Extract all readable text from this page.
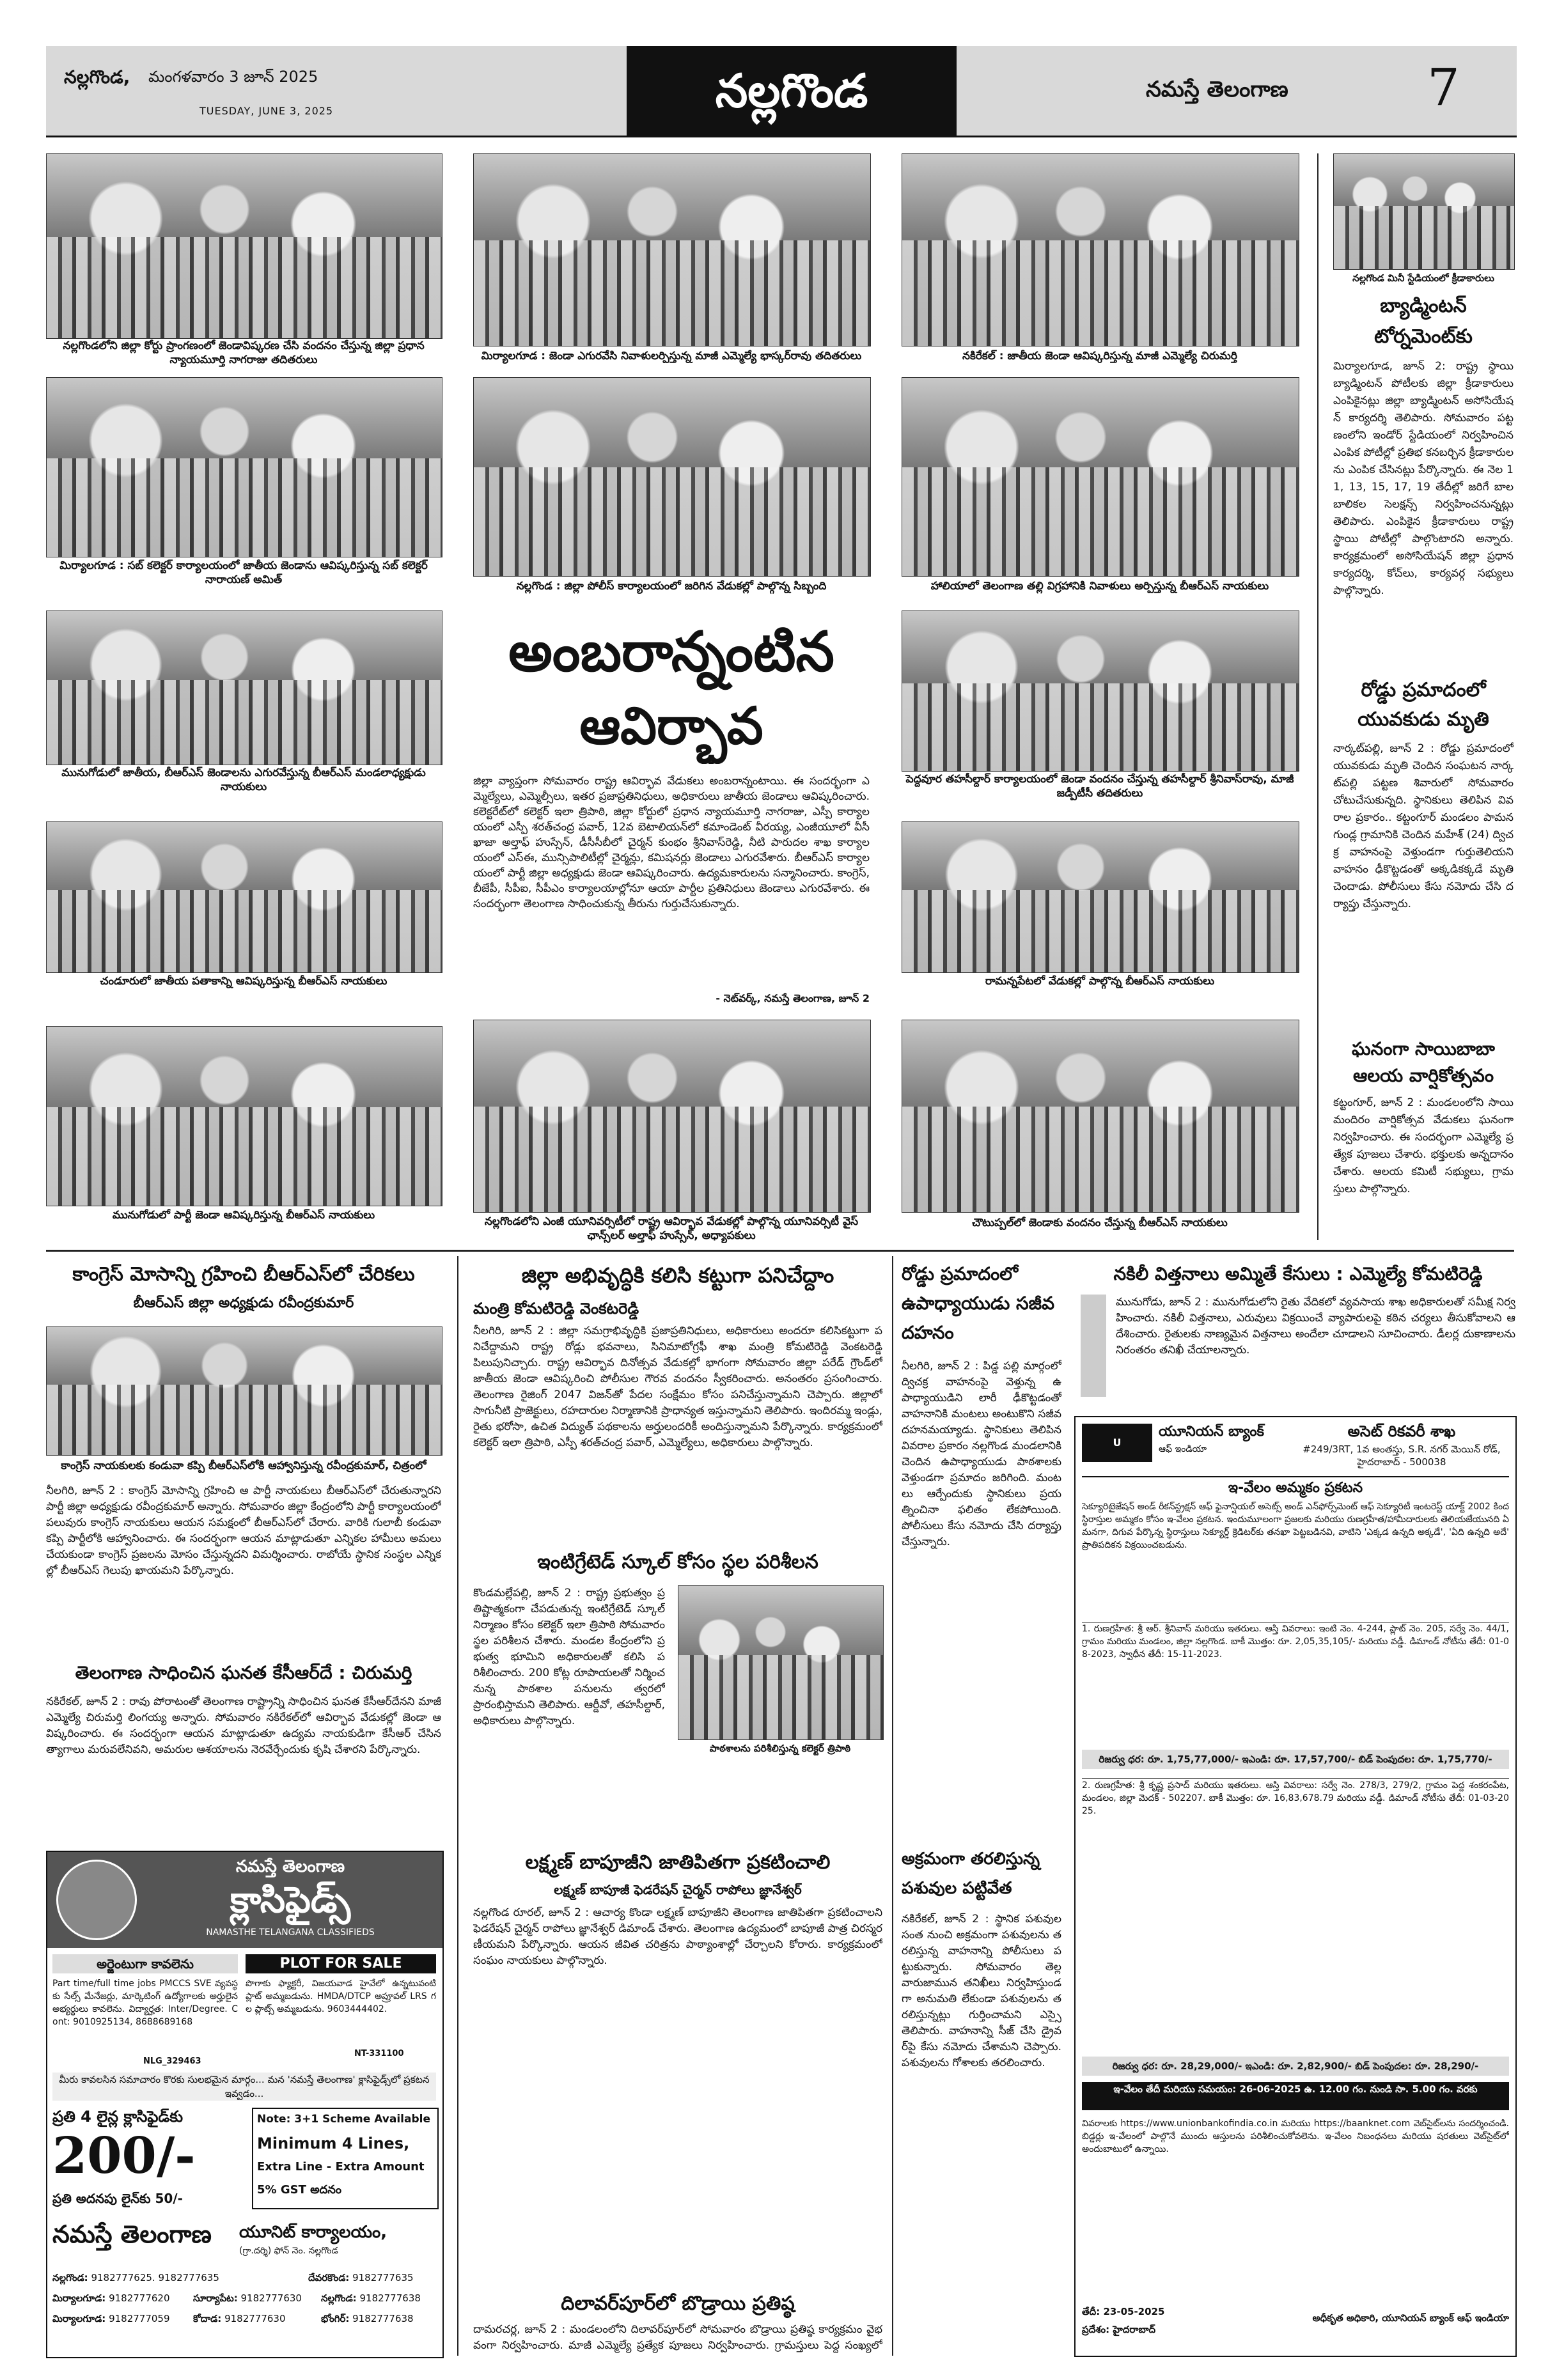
నల్లగొండ, మంగళవారం 3 జూన్ 2025
TUESDAY, JUNE 3, 2025	నల్లగొండ	నమస్తే తెలంగాణ	7
నల్లగొండలోని జిల్లా కోర్టు ప్రాంగణంలో జెండావిష్కరణ చేసి వందనం చేస్తున్న జిల్లా ప్రధాన న్యాయమూర్తి నాగరాజు తదితరులు	మిర్యాలగూడ : జెండా ఎగురవేసి నివాళులర్పిస్తున్న మాజీ ఎమ్మెల్యే భాస్కర్‌రావు తదితరులు	నకిరేకల్ : జాతీయ జెండా ఆవిష్కరిస్తున్న మాజీ ఎమ్మెల్యే చిరుమర్తి
నల్లగొండ మినీ స్టేడియంలో క్రీడాకారులు
మిర్యాలగూడ : సబ్ కలెక్టర్ కార్యాలయంలో జాతీయ జెండాను ఆవిష్కరిస్తున్న సబ్ కలెక్టర్ నారాయణ్ అమిత్	నల్లగొండ : జిల్లా పోలీస్ కార్యాలయంలో జరిగిన వేడుకల్లో పాల్గొన్న సిబ్బంది	హాలియాలో తెలంగాణ తల్లి విగ్రహానికి నివాళులు అర్పిస్తున్న బీఆర్ఎస్ నాయకులు
మునుగోడులో జాతీయ, బీఆర్ఎస్ జెండాలను ఎగురవేస్తున్న బీఆర్ఎస్ మండలాధ్యక్షుడు నాయకులు
పెద్దవూర తహసీల్దార్ కార్యాలయంలో జెండా వందనం చేస్తున్న తహసీల్దార్ శ్రీనివాస్‌రావు, మాజీ జడ్పీటీసీ తదితరులు
చండూరులో జాతీయ పతాకాన్ని ఆవిష్కరిస్తున్న బీఆర్ఎస్ నాయకులు	రామన్నపేటలో వేడుకల్లో పాల్గొన్న బీఆర్ఎస్ నాయకులు
మునుగోడులో పార్టీ జెండా ఆవిష్కరిస్తున్న బీఆర్ఎస్ నాయకులు	నల్లగొండలోని ఎంజీ యూనివర్సిటీలో రాష్ట్ర ఆవిర్భావ వేడుకల్లో పాల్గొన్న యూనివర్సిటీ వైస్ ఛాన్స్‌లర్ అల్తాఫ్ హుస్సేన్, అధ్యాపకులు
చౌటుప్పల్‌లో జెండాకు వందనం చేస్తున్న బీఆర్ఎస్ నాయకులు
అంబరాన్నంటిన
ఆవిర్భావ
జిల్లా వ్యాప్తంగా సోమవారం రాష్ట్ర ఆవిర్భావ వేడుకలు అంబరాన్నంటాయి. ఈ సందర్భంగా ఎమ్మెల్యేలు, ఎమ్మెల్సీలు, ఇతర ప్రజాప్రతినిధులు, అధికారులు జాతీయ జెండాలు ఆవిష్కరించారు. కలెక్టరేట్‌లో కలెక్టర్ ఇలా త్రిపాఠి, జిల్లా కోర్టులో ప్రధాన న్యాయమూర్తి నాగరాజు, ఎస్పీ కార్యాలయంలో ఎస్పీ శరత్‌చంద్ర పవార్, 12వ బెటాలియన్‌లో కమాండెంట్ వీరయ్య, ఎంజీయూలో వీసీ ఖాజా అల్తాఫ్ హుస్సేన్, డీసీసీబీలో చైర్మన్ కుంభం శ్రీనివాస్‌రెడ్డి, నీటి పారుదల శాఖ కార్యాలయంలో ఎస్‌ఈ, మున్సిపాలిటీల్లో చైర్మన్లు, కమిషనర్లు జెండాలు ఎగురవేశారు. బీఆర్ఎస్ కార్యాలయంలో పార్టీ జిల్లా అధ్యక్షుడు జెండా ఆవిష్కరించారు. ఉద్యమకారులను సన్మానించారు. కాంగ్రెస్, బీజేపీ, సీపీఐ, సీపీఎం కార్యాలయాల్లోనూ ఆయా పార్టీల ప్రతినిధులు జెండాలు ఎగురవేశారు. ఈ సందర్భంగా తెలంగాణ సాధించుకున్న తీరును గుర్తుచేసుకున్నారు.
- నెట్‌వర్క్, నమస్తే తెలంగాణ, జూన్ 2
బ్యాడ్మింటన్ టోర్నమెంట్‌కు
మిర్యాలగూడ, జూన్ 2: రాష్ట్ర స్థాయి బ్యాడ్మింటన్ పోటీలకు జిల్లా క్రీడాకారులు ఎంపికైనట్లు జిల్లా బ్యాడ్మింటన్ అసోసియేషన్ కార్యదర్శి తెలిపారు. సోమవారం పట్టణంలోని ఇండోర్ స్టేడియంలో నిర్వహించిన ఎంపిక పోటీల్లో ప్రతిభ కనబర్చిన క్రీడాకారులను ఎంపిక చేసినట్లు పేర్కొన్నారు. ఈ నెల 11, 13, 15, 17, 19 తేదీల్లో జరిగే బాలబాలికల సెలక్షన్స్ నిర్వహించనున్నట్లు తెలిపారు. ఎంపికైన క్రీడాకారులు రాష్ట్ర స్థాయి పోటీల్లో పాల్గొంటారని అన్నారు. కార్యక్రమంలో అసోసియేషన్ జిల్లా ప్రధాన కార్యదర్శి, కోచ్‌లు, కార్యవర్గ సభ్యులు పాల్గొన్నారు.
రోడ్డు ప్రమాదంలో
యువకుడు మృతి
నార్కట్‌పల్లి, జూన్ 2 : రోడ్డు ప్రమాదంలో యువకుడు మృతి చెందిన సంఘటన నార్కట్‌పల్లి పట్టణ శివారులో సోమవారం చోటుచేసుకున్నది. స్థానికులు తెలిపిన వివరాల ప్రకారం.. కట్టంగూర్ మండలం పామనగుండ్ల గ్రామానికి చెందిన మహేశ్ (24) ద్విచక్ర వాహనంపై వెళ్తుండగా గుర్తుతెలియని వాహనం ఢీకొట్టడంతో అక్కడికక్కడే మృతి చెందాడు. పోలీసులు కేసు నమోదు చేసి దర్యాప్తు చేస్తున్నారు.
ఘనంగా సాయిబాబా
ఆలయ వార్షికోత్సవం
కట్టంగూర్, జూన్ 2 : మండలంలోని సాయి మందిరం వార్షికోత్సవ వేడుకలు ఘనంగా నిర్వహించారు. ఈ సందర్భంగా ఎమ్మెల్యే ప్రత్యేక పూజలు చేశారు. భక్తులకు అన్నదానం చేశారు. ఆలయ కమిటీ సభ్యులు, గ్రామస్తులు పాల్గొన్నారు.
కాంగ్రెస్ మోసాన్ని గ్రహించి బీఆర్ఎస్‌లో చేరికలు
బీఆర్ఎస్ జిల్లా అధ్యక్షుడు రవీంద్రకుమార్
కాంగ్రెస్ నాయకులకు కండువా కప్పి బీఆర్ఎస్‌లోకి ఆహ్వానిస్తున్న రవీంద్రకుమార్, చిత్రంలో
నీలగిరి, జూన్ 2 : కాంగ్రెస్ మోసాన్ని గ్రహించి ఆ పార్టీ నాయకులు బీఆర్ఎస్‌లో చేరుతున్నారని పార్టీ జిల్లా అధ్యక్షుడు రవీంద్రకుమార్ అన్నారు. సోమవారం జిల్లా కేంద్రంలోని పార్టీ కార్యాలయంలో పలువురు కాంగ్రెస్ నాయకులు ఆయన సమక్షంలో బీఆర్ఎస్‌లో చేరారు. వారికి గులాబీ కండువా కప్పి పార్టీలోకి ఆహ్వానించారు. ఈ సందర్భంగా ఆయన మాట్లాడుతూ ఎన్నికల హామీలు అమలు చేయకుండా కాంగ్రెస్ ప్రజలను మోసం చేస్తున్నదని విమర్శించారు. రాబోయే స్థానిక సంస్థల ఎన్నికల్లో బీఆర్ఎస్ గెలుపు ఖాయమని పేర్కొన్నారు.
తెలంగాణ సాధించిన ఘనత కేసీఆర్‌దే : చిరుమర్తి
నకిరేకల్, జూన్ 2 : రావు పోరాటంతో తెలంగాణ రాష్ట్రాన్ని సాధించిన ఘనత కేసీఆర్‌దేనని మాజీ ఎమ్మెల్యే చిరుమర్తి లింగయ్య అన్నారు. సోమవారం నకిరేకల్‌లో ఆవిర్భావ వేడుకల్లో జెండా ఆవిష్కరించారు. ఈ సందర్భంగా ఆయన మాట్లాడుతూ ఉద్యమ నాయకుడిగా కేసీఆర్ చేసిన త్యాగాలు మరువలేనివని, అమరుల ఆశయాలను నెరవేర్చేందుకు కృషి చేశారని పేర్కొన్నారు.
నమస్తే తెలంగాణ
క్లాసిఫైడ్స్
NAMASTHE TELANGANA CLASSIFIEDS
అర్జెంటుగా కావలెను
Part time/full time jobs PMCCS SVE వ్యవస్థకు సేల్స్ మేనేజర్లు, మార్కెటింగ్ ఉద్యోగాలకు అర్హులైన అభ్యర్థులు కావలెను. విద్యార్హత: Inter/Degree. Cont: 9010925134, 8688689168
NLG_329463
PLOT FOR SALE
పొగాకు ఫ్యాక్టరీ, విజయవాడ హైవేలో ఉన్నటువంటి ప్లాట్ అమ్మబడును. HMDA/DTCP అప్రూవల్ LRS గల ప్లాట్స్ అమ్మబడును. 9603444402.
NT-331100
మీరు కావలసిన సమాచారం కొరకు సులభమైన మార్గం... మన 'నమస్తే తెలంగాణ' క్లాసిఫైడ్స్‌లో ప్రకటన ఇవ్వడం...
ప్రతి 4 లైన్ల క్లాసిఫైడ్‌కు
200/-
ప్రతి అదనపు లైన్‌కు 50/-
Note: 3+1 Scheme Available
Minimum 4 Lines,
Extra Line - Extra Amount
5% GST అదనం
నమస్తే తెలంగాణ	యూనిట్ కార్యాలయం,
(గ్రా.దర్శి) ఫోన్ నెం. నల్లగొండ
నల్లగొండ: 9182777625. 9182777635	దేవరకొండ: 9182777635
మిర్యాలగూడ: 9182777620 సూర్యాపేట: 9182777630 నల్లగొండ: 9182777638
మిర్యాలగూడ: 9182777059 కోదాడ: 9182777630	భోంగిర్: 9182777638
జిల్లా అభివృద్ధికి కలిసి కట్టుగా పనిచేద్దాం
మంత్రి కోమటిరెడ్డి వెంకటరెడ్డి
నీలగిరి, జూన్ 2 : జిల్లా సమగ్రాభివృద్ధికి ప్రజాప్రతినిధులు, అధికారులు అందరూ కలిసికట్టుగా పనిచేద్దామని రాష్ట్ర రోడ్లు భవనాలు, సినిమాటోగ్రఫీ శాఖ మంత్రి కోమటిరెడ్డి వెంకటరెడ్డి పిలుపునిచ్చారు. రాష్ట్ర ఆవిర్భావ దినోత్సవ వేడుకల్లో భాగంగా సోమవారం జిల్లా పరేడ్ గ్రౌండ్‌లో జాతీయ జెండా ఆవిష్కరించి పోలీసుల గౌరవ వందనం స్వీకరించారు. అనంతరం ప్రసంగించారు. తెలంగాణ రైజింగ్ 2047 విజన్‌తో పేదల సంక్షేమం కోసం పనిచేస్తున్నామని చెప్పారు. జిల్లాలో సాగునీటి ప్రాజెక్టులు, రహదారుల నిర్మాణానికి ప్రాధాన్యత ఇస్తున్నామని తెలిపారు. ఇందిరమ్మ ఇండ్లు, రైతు భరోసా, ఉచిత విద్యుత్ పథకాలను అర్హులందరికీ అందిస్తున్నామని పేర్కొన్నారు. కార్యక్రమంలో కలెక్టర్ ఇలా త్రిపాఠి, ఎస్పీ శరత్‌చంద్ర పవార్, ఎమ్మెల్యేలు, అధికారులు పాల్గొన్నారు.
ఇంటిగ్రేటెడ్ స్కూల్ కోసం స్థల పరిశీలన
కొండమల్లేపల్లి, జూన్ 2 : రాష్ట్ర ప్రభుత్వం ప్రతిష్టాత్మకంగా చేపడుతున్న ఇంటిగ్రేటెడ్ స్కూల్ నిర్మాణం కోసం కలెక్టర్ ఇలా త్రిపాఠి సోమవారం స్థల పరిశీలన చేశారు. మండల కేంద్రంలోని ప్రభుత్వ భూమిని అధికారులతో కలిసి పరిశీలించారు. 200 కోట్ల రూపాయలతో నిర్మించనున్న పాఠశాల పనులను త్వరలో ప్రారంభిస్తామని తెలిపారు. ఆర్డీవో, తహసీల్దార్, అధికారులు పాల్గొన్నారు.
పాఠశాలను పరిశీలిస్తున్న కలెక్టర్ త్రిపాఠి
లక్ష్మణ్ బాపూజీని జాతిపితగా ప్రకటించాలి
లక్ష్మణ్ బాపూజీ ఫెడరేషన్ చైర్మన్ రాపోలు జ్ఞానేశ్వర్
నల్లగొండ రూరల్, జూన్ 2 : ఆచార్య కొండా లక్ష్మణ్ బాపూజీని తెలంగాణ జాతిపితగా ప్రకటించాలని ఫెడరేషన్ చైర్మన్ రాపోలు జ్ఞానేశ్వర్ డిమాండ్ చేశారు. తెలంగాణ ఉద్యమంలో బాపూజీ పాత్ర చిరస్మరణీయమని పేర్కొన్నారు. ఆయన జీవిత చరిత్రను పాఠ్యాంశాల్లో చేర్చాలని కోరారు. కార్యక్రమంలో సంఘం నాయకులు పాల్గొన్నారు.
దిలావర్‌పూర్‌లో బొడ్రాయి ప్రతిష్ఠ
దామరచర్ల, జూన్ 2 : మండలంలోని దిలావర్‌పూర్‌లో సోమవారం బొడ్రాయి ప్రతిష్ఠ కార్యక్రమం వైభవంగా నిర్వహించారు. మాజీ ఎమ్మెల్యే ప్రత్యేక పూజలు నిర్వహించారు. గ్రామస్తులు పెద్ద సంఖ్యలో
రోడ్డు ప్రమాదంలో ఉపాధ్యాయుడు సజీవ దహనం
నీలగిరి, జూన్ 2 : పిడ్డ పల్లి మార్గంలో ద్విచక్ర వాహనంపై వెళ్తున్న ఉపాధ్యాయుడిని లారీ ఢీకొట్టడంతో వాహనానికి మంటలు అంటుకొని సజీవ దహనమయ్యాడు. స్థానికులు తెలిపిన వివరాల ప్రకారం నల్లగొండ మండలానికి చెందిన ఉపాధ్యాయుడు పాఠశాలకు వెళ్తుండగా ప్రమాదం జరిగింది. మంటలు ఆర్పేందుకు స్థానికులు ప్రయత్నించినా ఫలితం లేకపోయింది. పోలీసులు కేసు నమోదు చేసి దర్యాప్తు చేస్తున్నారు.
అక్రమంగా తరలిస్తున్న పశువుల పట్టివేత
నకిరేకల్, జూన్ 2 : స్థానిక పశువుల సంత నుంచి అక్రమంగా పశువులను తరలిస్తున్న వాహనాన్ని పోలీసులు పట్టుకున్నారు. సోమవారం తెల్లవారుజామున తనిఖీలు నిర్వహిస్తుండగా అనుమతి లేకుండా పశువులను తరలిస్తున్నట్లు గుర్తించామని ఎస్సై తెలిపారు. వాహనాన్ని సీజ్ చేసి డ్రైవర్‌పై కేసు నమోదు చేశామని చెప్పారు. పశువులను గోశాలకు తరలించారు.
నకిలీ విత్తనాలు అమ్మితే కేసులు : ఎమ్మెల్యే కోమటిరెడ్డి
మునుగోడు, జూన్ 2 : మునుగోడులోని రైతు వేదికలో వ్యవసాయ శాఖ అధికారులతో సమీక్ష నిర్వహించారు. నకిలీ విత్తనాలు, ఎరువులు విక్రయించే వ్యాపారులపై కఠిన చర్యలు తీసుకోవాలని ఆదేశించారు. రైతులకు నాణ్యమైన విత్తనాలు అందేలా చూడాలని సూచించారు. డీలర్ల దుకాణాలను నిరంతరం తనిఖీ చేయాలన్నారు.
U
యూనియన్ బ్యాంక్
ఆఫ్ ఇండియా
అసెట్ రికవరీ శాఖ
#249/3RT, 1వ అంతస్తు, S.R. నగర్ మెయిన్ రోడ్, హైదరాబాద్ - 500038
ఇ-వేలం అమ్మకం ప్రకటన
సెక్యూరిటైజేషన్ అండ్ రీకన్‌స్ట్రక్షన్ ఆఫ్ ఫైనాన్షియల్ అసెట్స్ అండ్ ఎన్‌ఫోర్స్‌మెంట్ ఆఫ్ సెక్యూరిటీ ఇంటరెస్ట్ యాక్ట్ 2002 కింద స్థిరాస్తుల అమ్మకం కోసం ఇ-వేలం ప్రకటన. ఇందుమూలంగా ప్రజలకు మరియు రుణగ్రహీత/హామీదారులకు తెలియజేయునది ఏమనగా, దిగువ పేర్కొన్న స్థిరాస్తులు సెక్యూర్డ్ క్రెడిటర్‌కు తనఖా పెట్టబడినవి, వాటిని 'ఎక్కడ ఉన్నది అక్కడే', 'ఏది ఉన్నది అదే' ప్రాతిపదికన విక్రయించబడును.
1. రుణగ్రహీత: శ్రీ ఆర్. శ్రీనివాస్ మరియు ఇతరులు. ఆస్తి వివరాలు: ఇంటి నెం. 4-244, ప్లాట్ నెం. 205, సర్వే నెం. 44/1, గ్రామం మరియు మండలం, జిల్లా నల్లగొండ. బాకీ మొత్తం: రూ. 2,05,35,105/- మరియు వడ్డీ. డిమాండ్ నోటీసు తేదీ: 01-08-2023, స్వాధీన తేదీ: 15-11-2023.
రిజర్వు ధర: రూ. 1,75,77,000/- ఇఎండి: రూ. 17,57,700/- బిడ్ పెంపుదల: రూ. 1,75,770/-
2. రుణగ్రహీత: శ్రీ కృష్ణ ప్రసాద్ మరియు ఇతరులు. ఆస్తి వివరాలు: సర్వే నెం. 278/3, 279/2, గ్రామం పెద్ద శంకరంపేట, మండలం, జిల్లా మెదక్ - 502207. బాకీ మొత్తం: రూ. 16,83,678.79 మరియు వడ్డీ. డిమాండ్ నోటీసు తేదీ: 01-03-2025.
రిజర్వు ధర: రూ. 28,29,000/- ఇఎండి: రూ. 2,82,900/- బిడ్ పెంపుదల: రూ. 28,290/-
ఇ-వేలం తేదీ మరియు సమయం: 26-06-2025 ఉ. 12.00 గం. నుండి సా. 5.00 గం. వరకు
వివరాలకు https://www.unionbankofindia.co.in మరియు https://baanknet.com వెబ్‌సైట్‌లను సందర్శించండి. బిడ్డర్లు ఇ-వేలంలో పాల్గొనే ముందు ఆస్తులను పరిశీలించుకోవలెను. ఇ-వేలం నిబంధనలు మరియు షరతులు వెబ్‌సైట్‌లో అందుబాటులో ఉన్నాయి.
తేదీ: 23-05-2025
ప్రదేశం: హైదరాబాద్
అధీకృత అధికారి, యూనియన్ బ్యాంక్ ఆఫ్ ఇండియా
